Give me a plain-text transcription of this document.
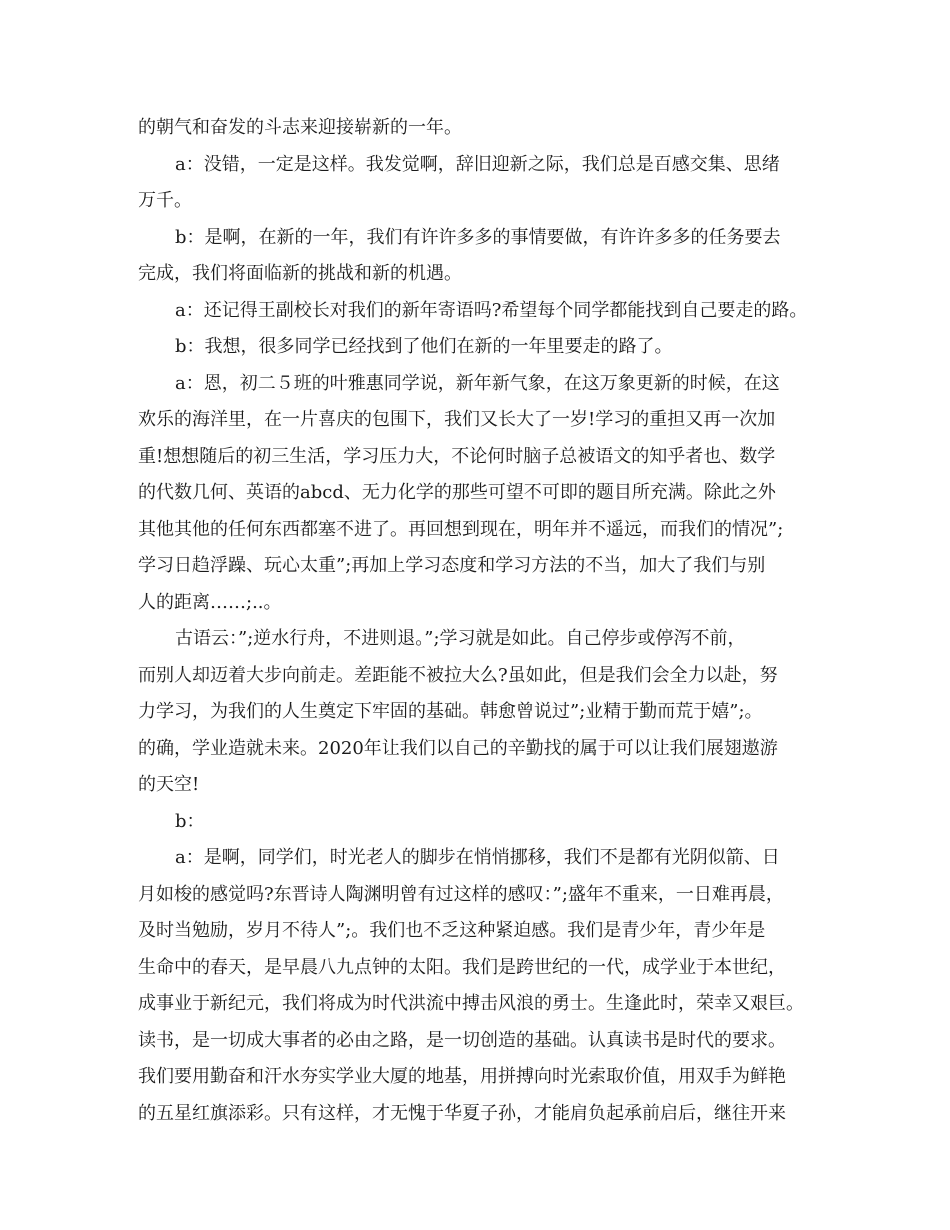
的朝气和奋发的斗志来迎接崭新的一年。
a：没错，一定是这样。我发觉啊，辞旧迎新之际，我们总是百感交集、思绪
万千。
b：是啊，在新的一年，我们有许许多多的事情要做，有许许多多的任务要去
完成，我们将面临新的挑战和新的机遇。
a：还记得王副校长对我们的新年寄语吗?希望每个同学都能找到自己要走的路。
b：我想，很多同学已经找到了他们在新的一年里要走的路了。
a：恩，初二５班的叶雅惠同学说，新年新气象，在这万象更新的时候，在这
欢乐的海洋里，在一片喜庆的包围下，我们又长大了一岁!学习的重担又再一次加
重!想想随后的初三生活，学习压力大，不论何时脑子总被语文的知乎者也、数学
的代数几何、英语的abcd、无力化学的那些可望不可即的题目所充满。除此之外
其他其他的任何东西都塞不进了。再回想到现在，明年并不遥远，而我们的情况”;
学习日趋浮躁、玩心太重”;再加上学习态度和学习方法的不当，加大了我们与别
人的距离……;..。
古语云：”;逆水行舟，不进则退。”;学习就是如此。自己停步或停泻不前，
而别人却迈着大步向前走。差距能不被拉大么?虽如此，但是我们会全力以赴，努
力学习，为我们的人生奠定下牢固的基础。韩愈曾说过”;业精于勤而荒于嬉”;。
的确，学业造就未来。2020年让我们以自己的辛勤找的属于可以让我们展翅遨游
的天空!
b：
a：是啊，同学们，时光老人的脚步在悄悄挪移，我们不是都有光阴似箭、日
月如梭的感觉吗?东晋诗人陶渊明曾有过这样的感叹：”;盛年不重来，一日难再晨，
及时当勉励，岁月不待人”;。我们也不乏这种紧迫感。我们是青少年，青少年是
生命中的春天，是早晨八九点钟的太阳。我们是跨世纪的一代，成学业于本世纪，
成事业于新纪元，我们将成为时代洪流中搏击风浪的勇士。生逢此时，荣幸又艰巨。
读书，是一切成大事者的必由之路，是一切创造的基础。认真读书是时代的要求。
我们要用勤奋和汗水夯实学业大厦的地基，用拼搏向时光索取价值，用双手为鲜艳
的五星红旗添彩。只有这样，才无愧于华夏子孙，才能肩负起承前启后，继往开来
